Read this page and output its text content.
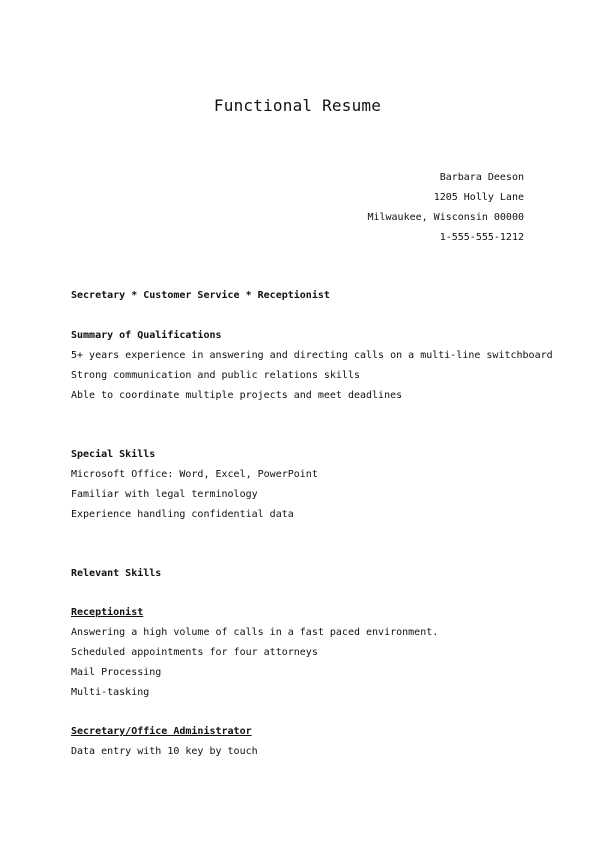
Functional Resume
Barbara Deeson
1205 Holly Lane
Milwaukee, Wisconsin 00000
1-555-555-1212
Secretary * Customer Service * Receptionist
Summary of Qualifications
5+ years experience in answering and directing calls on a multi-line switchboard
Strong communication and public relations skills
Able to coordinate multiple projects and meet deadlines
Special Skills
Microsoft Office: Word, Excel, PowerPoint
Familiar with legal terminology
Experience handling confidential data
Relevant Skills
Receptionist
Answering a high volume of calls in a fast paced environment.
Scheduled appointments for four attorneys
Mail Processing
Multi-tasking
Secretary/Office Administrator
Data entry with 10 key by touch
